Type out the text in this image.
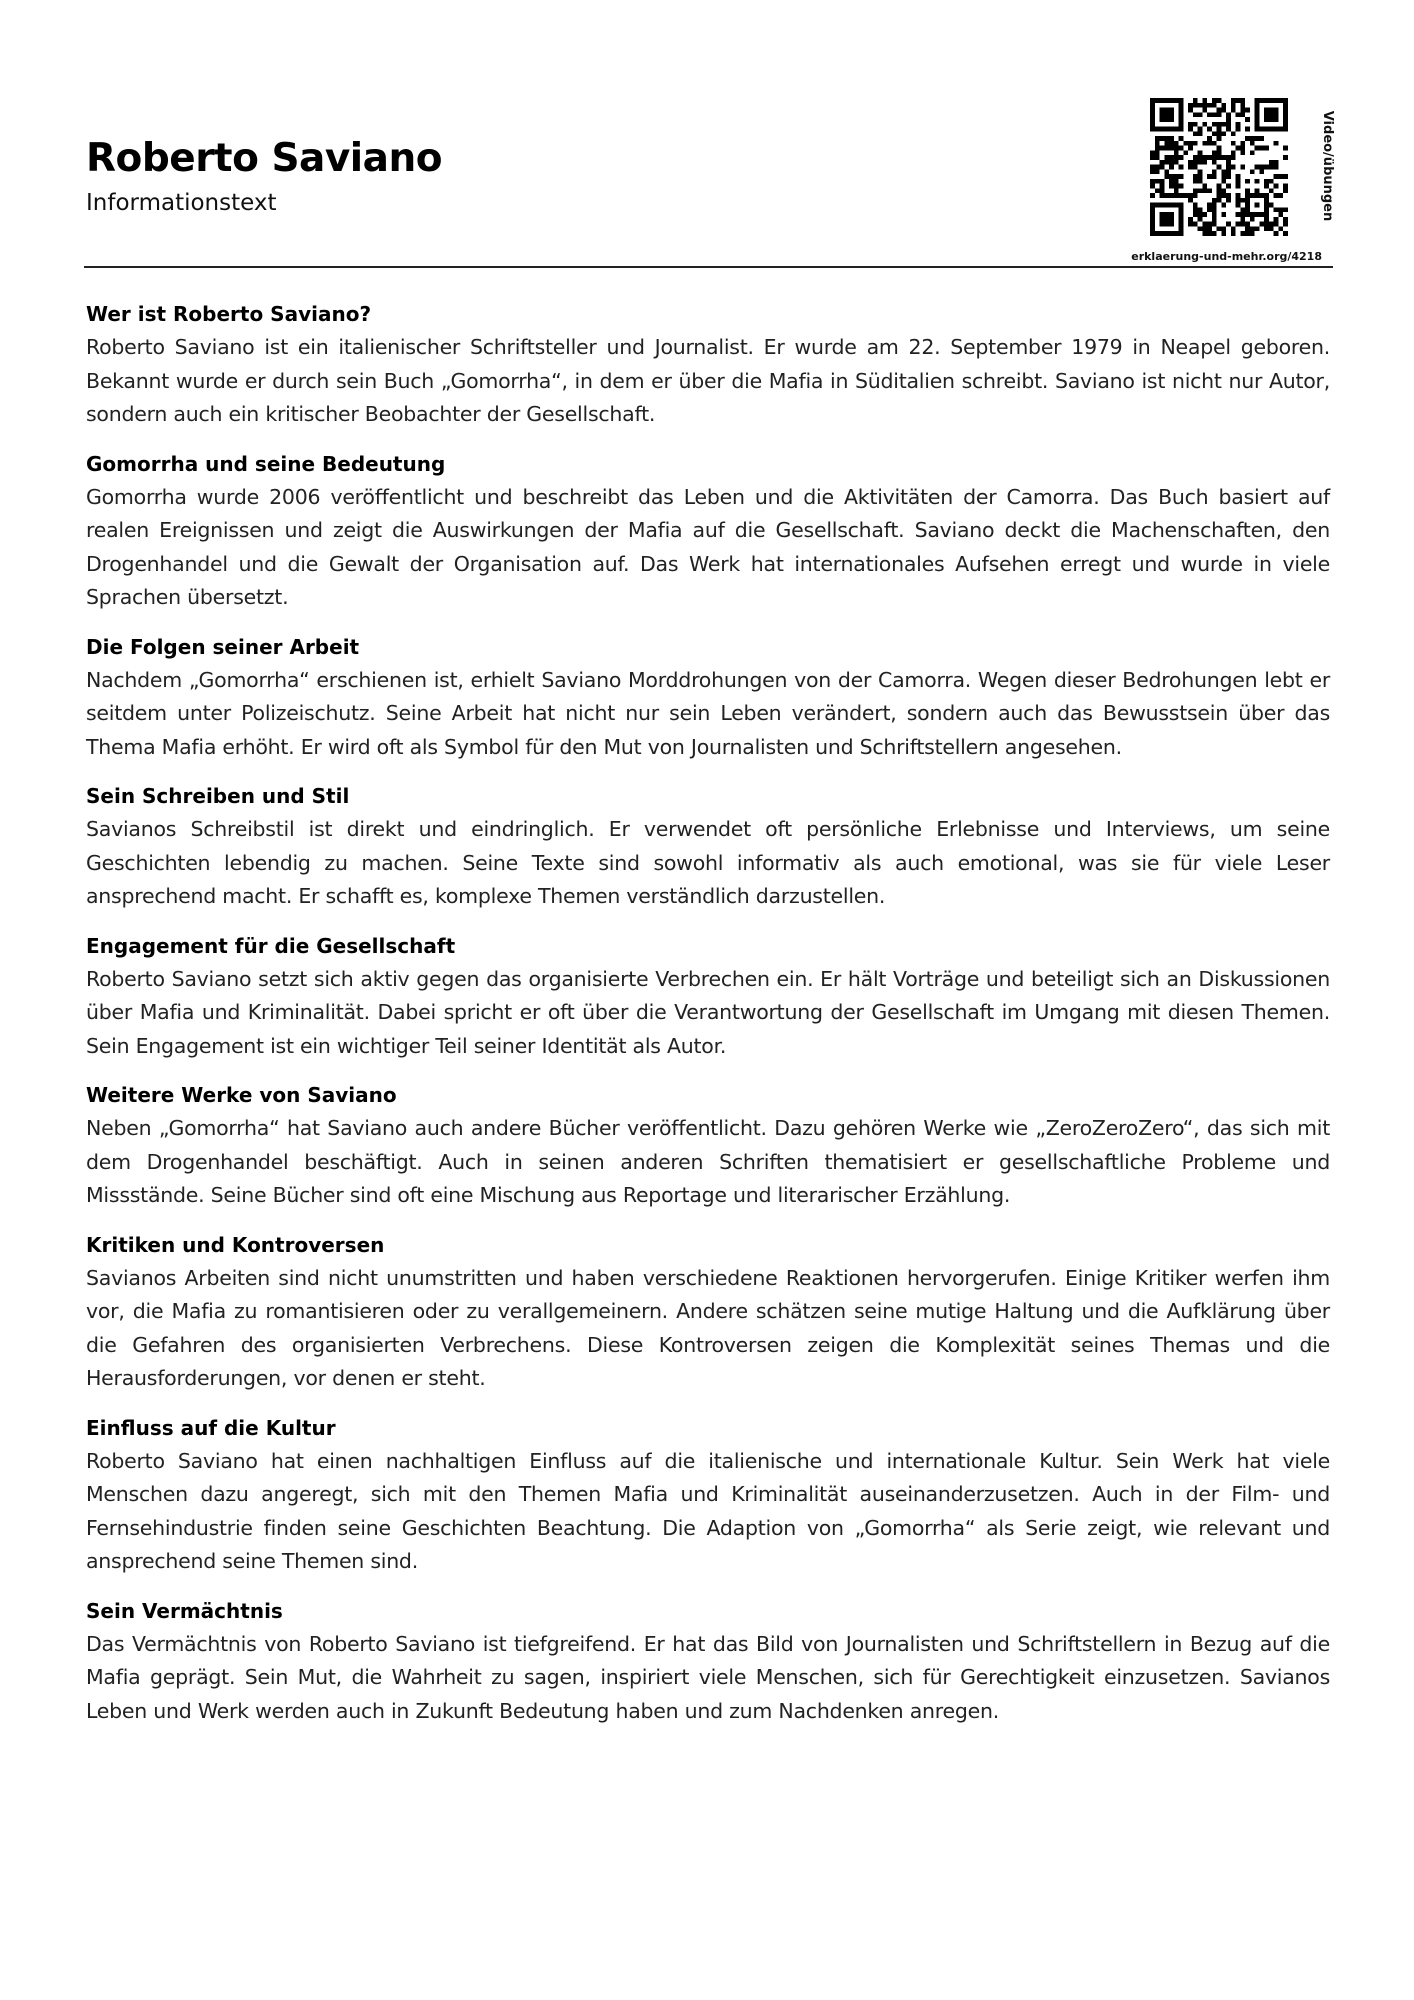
Roberto Saviano
Informationstext	Video/übungen
erklaerung-und-mehr.org/4218
Wer ist Roberto Saviano?

Roberto Saviano ist ein italienischer Schriftsteller und Journalist. Er wurde am 22. September 1979 in Neapel geboren. Bekannt wurde er durch sein Buch „Gomorrha“, in dem er über die Mafia in Süditalien schreibt. Saviano ist nicht nur Autor, sondern auch ein kritischer Beobachter der Gesellschaft.

Gomorrha und seine Bedeutung

Gomorrha wurde 2006 veröffentlicht und beschreibt das Leben und die Aktivitäten der Camorra. Das Buch basiert auf realen Ereignissen und zeigt die Auswirkungen der Mafia auf die Gesellschaft. Saviano deckt die Machenschaften, den Drogenhandel und die Gewalt der Organisation auf. Das Werk hat internationales Aufsehen erregt und wurde in viele Sprachen übersetzt.

Die Folgen seiner Arbeit

Nachdem „Gomorrha“ erschienen ist, erhielt Saviano Morddrohungen von der Camorra. Wegen dieser Bedrohungen lebt er seitdem unter Polizeischutz. Seine Arbeit hat nicht nur sein Leben verändert, sondern auch das Bewusstsein über das Thema Mafia erhöht. Er wird oft als Symbol für den Mut von Journalisten und Schriftstellern angesehen.

Sein Schreiben und Stil

Savianos Schreibstil ist direkt und eindringlich. Er verwendet oft persönliche Erlebnisse und Interviews, um seine Geschichten lebendig zu machen. Seine Texte sind sowohl informativ als auch emotional, was sie für viele Leser ansprechend macht. Er schafft es, komplexe Themen verständlich darzustellen.

Engagement für die Gesellschaft

Roberto Saviano setzt sich aktiv gegen das organisierte Verbrechen ein. Er hält Vorträge und beteiligt sich an Diskussionen über Mafia und Kriminalität. Dabei spricht er oft über die Verantwortung der Gesellschaft im Umgang mit diesen Themen. Sein Engagement ist ein wichtiger Teil seiner Identität als Autor.

Weitere Werke von Saviano

Neben „Gomorrha“ hat Saviano auch andere Bücher veröffentlicht. Dazu gehören Werke wie „ZeroZeroZero“, das sich mit dem Drogenhandel beschäftigt. Auch in seinen anderen Schriften thematisiert er gesellschaftliche Probleme und Missstände. Seine Bücher sind oft eine Mischung aus Reportage und literarischer Erzählung.

Kritiken und Kontroversen

Savianos Arbeiten sind nicht unumstritten und haben verschiedene Reaktionen hervorgerufen. Einige Kritiker werfen ihm vor, die Mafia zu romantisieren oder zu verallgemeinern. Andere schätzen seine mutige Haltung und die Aufklärung über die Gefahren des organisierten Verbrechens. Diese Kontroversen zeigen die Komplexität seines Themas und die Herausforderungen, vor denen er steht.

Einfluss auf die Kultur

Roberto Saviano hat einen nachhaltigen Einfluss auf die italienische und internationale Kultur. Sein Werk hat viele Menschen dazu angeregt, sich mit den Themen Mafia und Kriminalität auseinanderzusetzen. Auch in der Film- und Fernsehindustrie finden seine Geschichten Beachtung. Die Adaption von „Gomorrha“ als Serie zeigt, wie relevant und ansprechend seine Themen sind.

Sein Vermächtnis

Das Vermächtnis von Roberto Saviano ist tiefgreifend. Er hat das Bild von Journalisten und Schriftstellern in Bezug auf die Mafia geprägt. Sein Mut, die Wahrheit zu sagen, inspiriert viele Menschen, sich für Gerechtigkeit einzusetzen. Savianos Leben und Werk werden auch in Zukunft Bedeutung haben und zum Nachdenken anregen.
